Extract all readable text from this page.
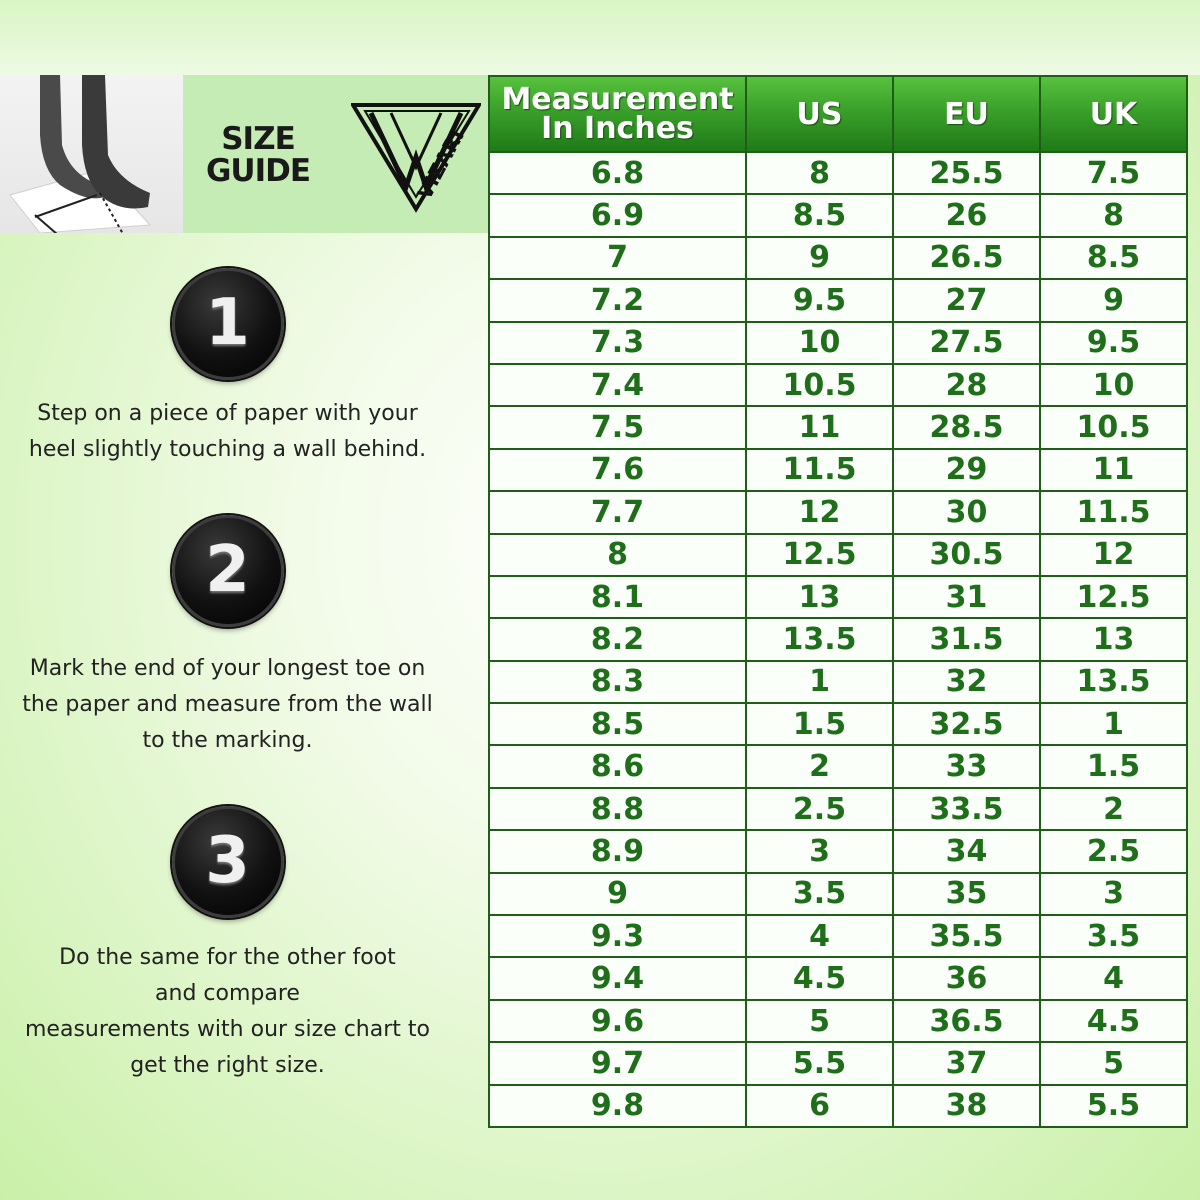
SIZE
GUIDE	VIZARI
1
Step on a piece of paper with your
heel slightly touching a wall behind.
2
Mark the end of your longest toe on
the paper and measure from the wall
to the marking.
3
Do the same for the other foot
and compare
measurements with our size chart to
get the right size.
Measurement In Inches	US	EU	UK
6.8	8	25.5	7.5
6.9	8.5	26	8
7	9	26.5	8.5
7.2	9.5	27	9
7.3	10	27.5	9.5
7.4	10.5	28	10
7.5	11	28.5	10.5
7.6	11.5	29	11
7.7	12	30	11.5
8	12.5	30.5	12
8.1	13	31	12.5
8.2	13.5	31.5	13
8.3	1	32	13.5
8.5	1.5	32.5	1
8.6	2	33	1.5
8.8	2.5	33.5	2
8.9	3	34	2.5
9	3.5	35	3
9.3	4	35.5	3.5
9.4	4.5	36	4
9.6	5	36.5	4.5
9.7	5.5	37	5
9.8	6	38	5.5
